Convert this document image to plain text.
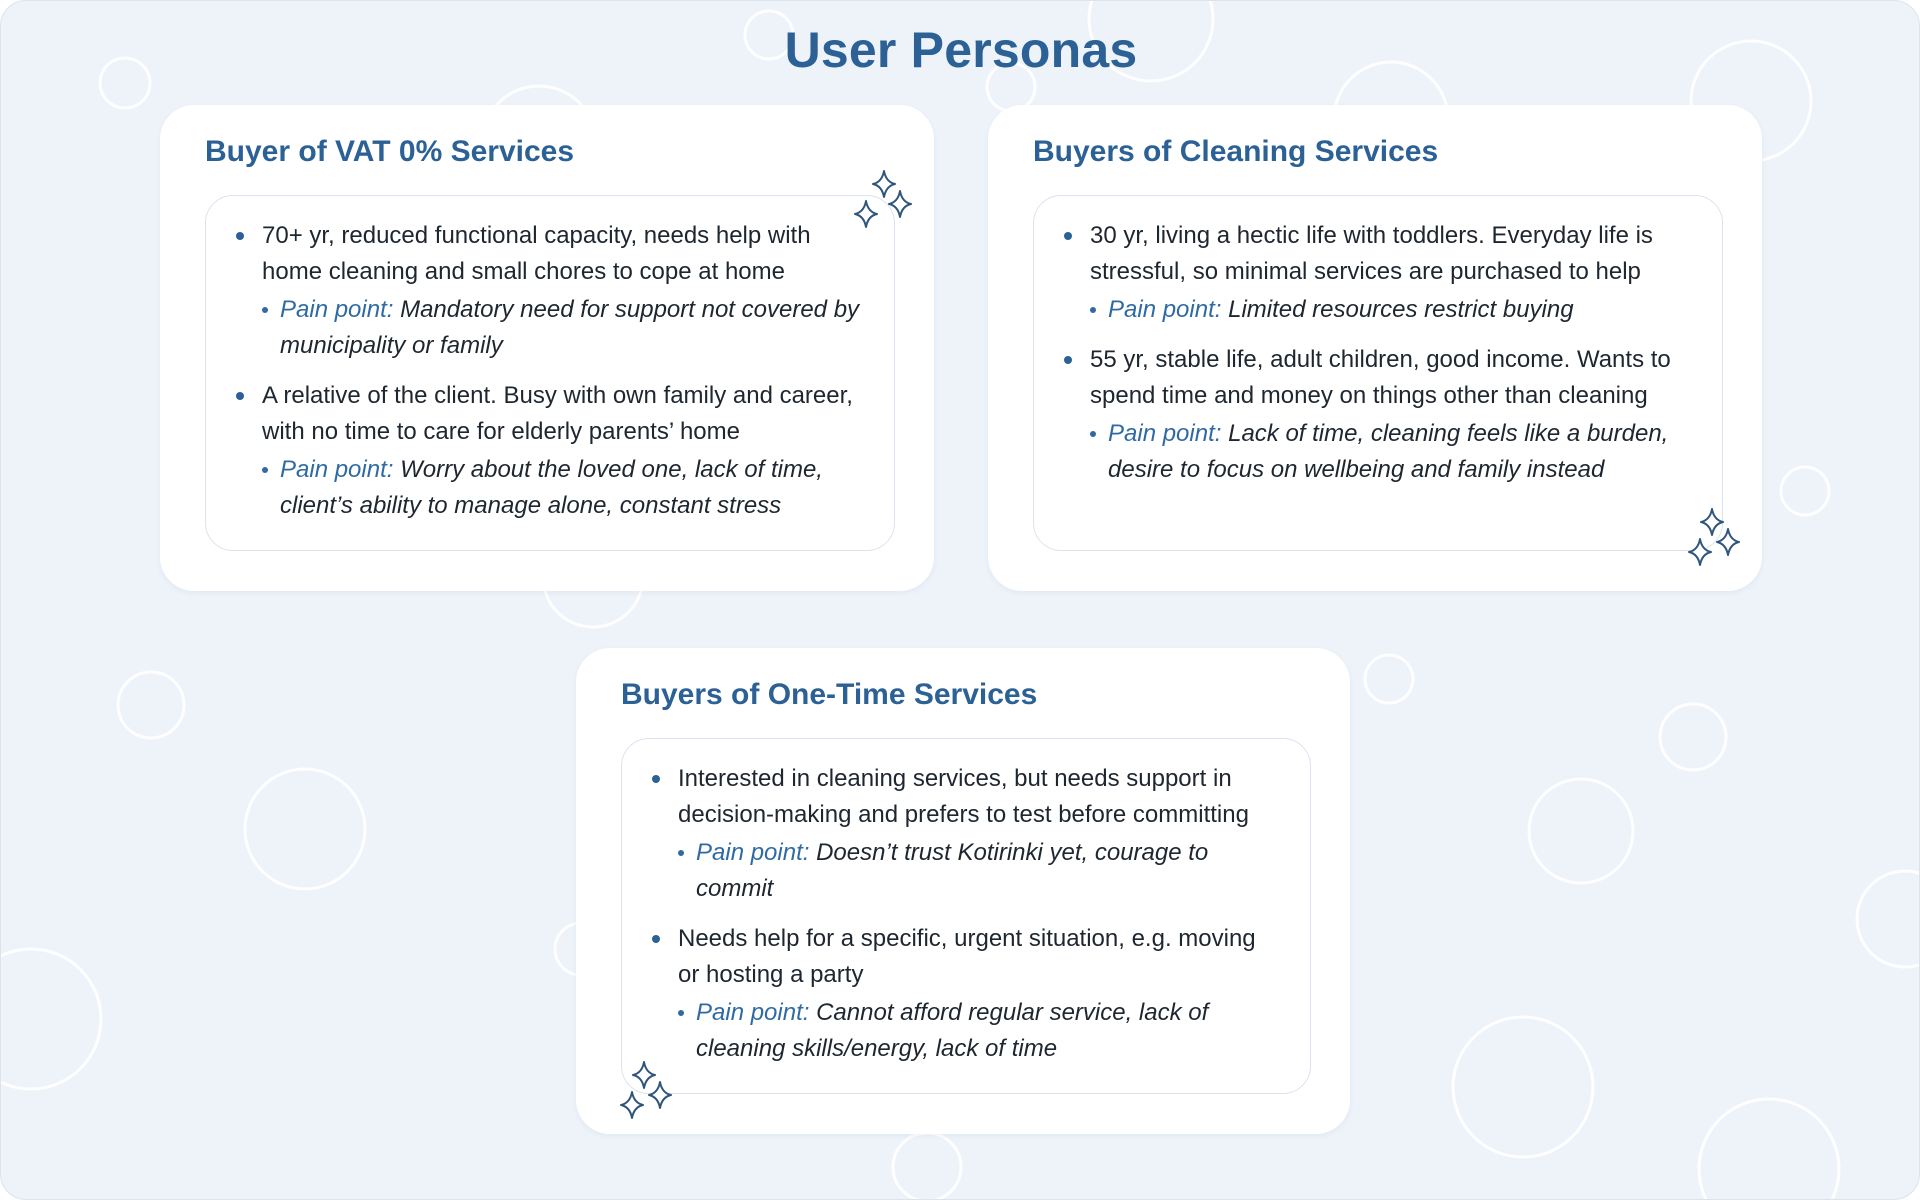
User Personas
Buyer of VAT 0% Services
70+ yr, reduced functional capacity, needs help with home cleaning and small chores to cope at home
Pain point: Mandatory need for support not covered by municipality or family
A relative of the client. Busy with own family and career, with no time to care for elderly parents’ home
Pain point: Worry about the loved one, lack of time, client’s ability to manage alone, constant stress
Buyers of Cleaning Services
30 yr, living a hectic life with toddlers. Everyday life is stressful, so minimal services are purchased to help
Pain point: Limited resources restrict buying
55 yr, stable life, adult children, good income. Wants to spend time and money on things other than cleaning
Pain point: Lack of time, cleaning feels like a burden, desire to focus on wellbeing and family instead
Buyers of One-Time Services
Interested in cleaning services, but needs support in decision-making and prefers to test before committing
Pain point: Doesn’t trust Kotirinki yet, courage to commit
Needs help for a specific, urgent situation, e.g. moving or hosting a party
Pain point: Cannot afford regular service, lack of cleaning skills/energy, lack of time
